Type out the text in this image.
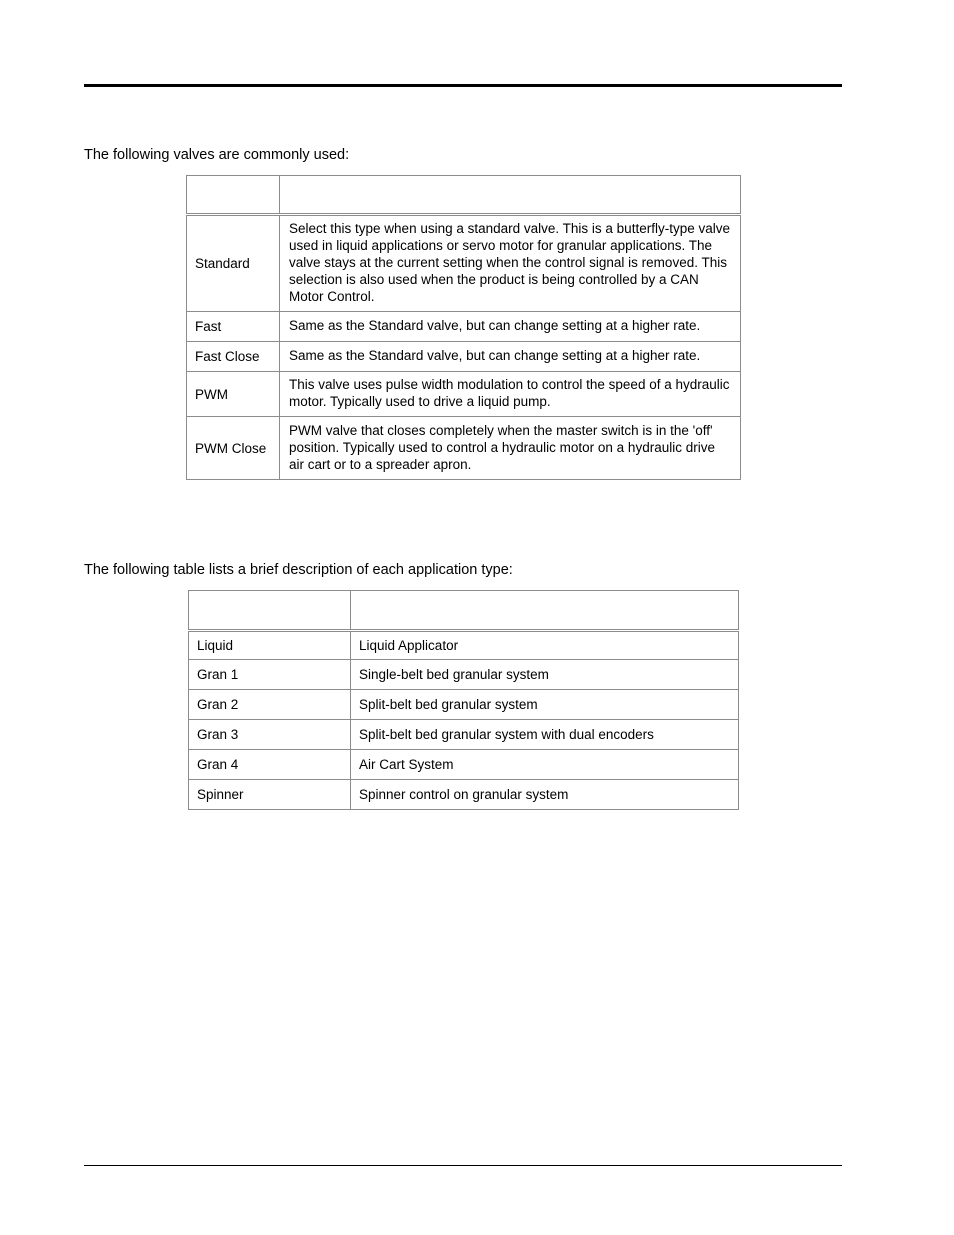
The following valves are commonly used:

Standard	Select this type when using a standard valve. This is a butterfly-type valve used in liquid applications or servo motor for granular applications. The valve stays at the current setting when the control signal is removed. This selection is also used when the product is being controlled by a CAN Motor Control.
Fast	Same as the Standard valve, but can change setting at a higher rate.
Fast Close	Same as the Standard valve, but can change setting at a higher rate.
PWM	This valve uses pulse width modulation to control the speed of a hydraulic motor. Typically used to drive a liquid pump.
PWM Close	PWM valve that closes completely when the master switch is in the 'off' position. Typically used to control a hydraulic motor on a hydraulic drive air cart or to a spreader apron.

The following table lists a brief description of each application type:

Liquid	Liquid Applicator
Gran 1	Single-belt bed granular system
Gran 2	Split-belt bed granular system
Gran 3	Split-belt bed granular system with dual encoders
Gran 4	Air Cart System
Spinner	Spinner control on granular system
